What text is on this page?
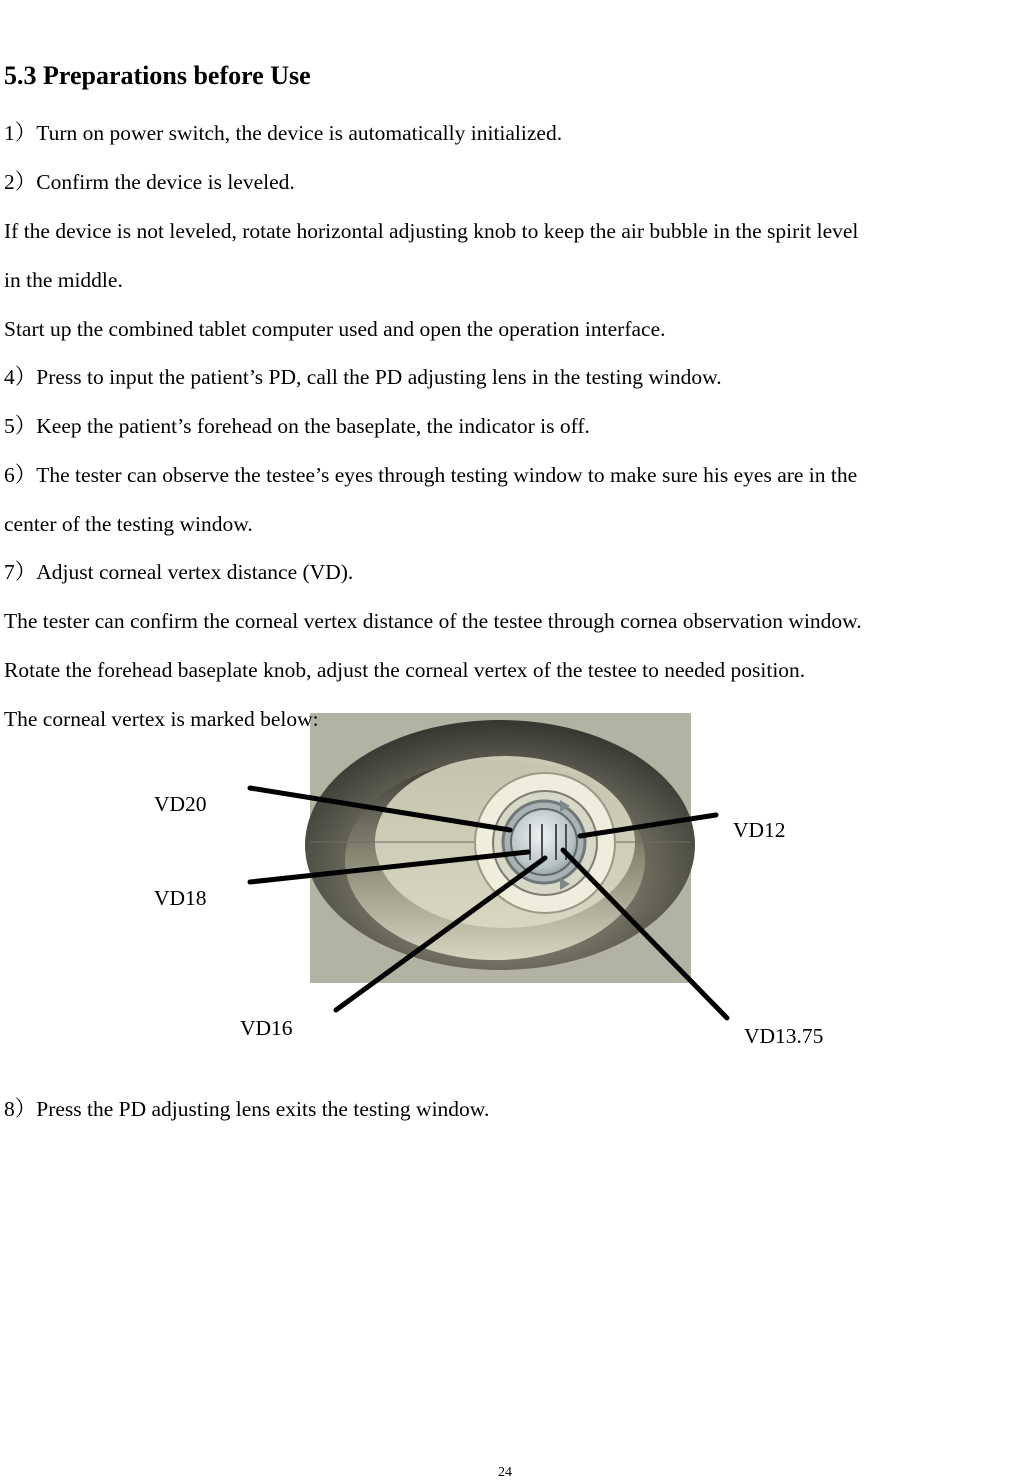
5.3 Preparations before Use

1）Turn on power switch, the device is automatically initialized.

2）Confirm the device is leveled.

If the device is not leveled, rotate horizontal adjusting knob to keep the air bubble in the spirit level

in the middle.

Start up the combined tablet computer used and open the operation interface.

4）Press to input the patient’s PD, call the PD adjusting lens in the testing window.

5）Keep the patient’s forehead on the baseplate, the indicator is off.

6）The tester can observe the testee’s eyes through testing window to make sure his eyes are in the

center of the testing window.

7）Adjust corneal vertex distance (VD).

The tester can confirm the corneal vertex distance of the testee through cornea observation window.

Rotate the forehead baseplate knob, adjust the corneal vertex of the testee to needed position.

VD20
VD18
VD16
VD12
VD13.75

The corneal vertex is marked below:

8）Press the PD adjusting lens exits the testing window.

24
